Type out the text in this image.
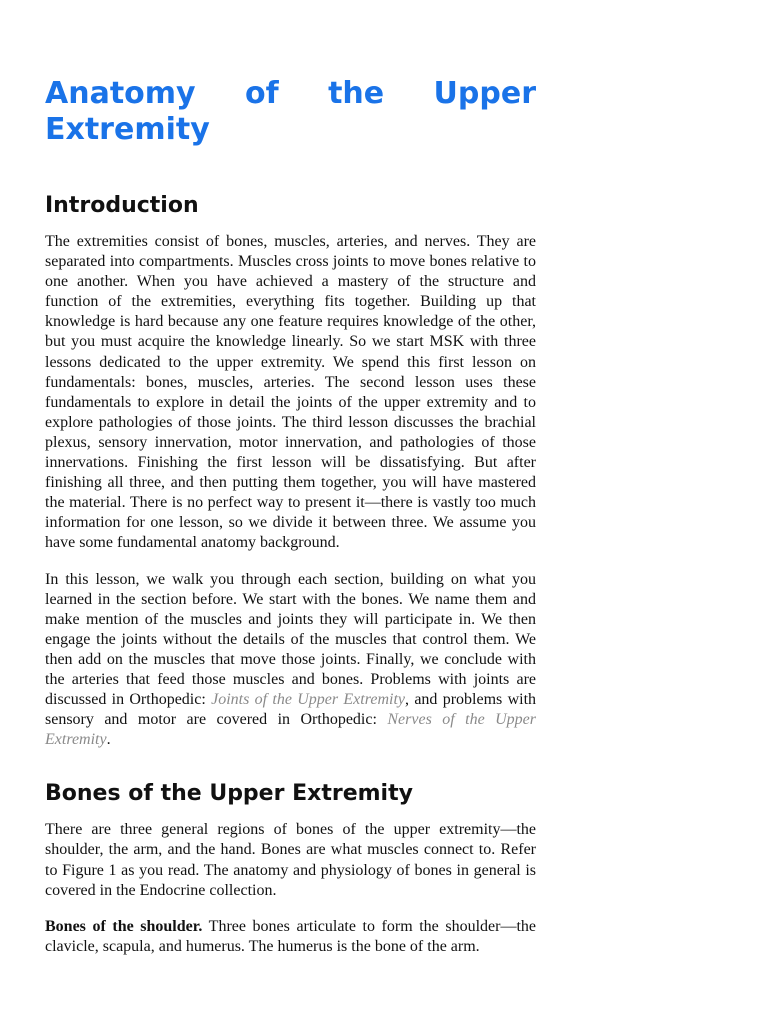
Anatomy of the Upper Extremity
Introduction

The extremities consist of bones, muscles, arteries, and nerves. They are separated into compartments. Muscles cross joints to move bones relative to one another. When you have achieved a mastery of the structure and function of the extremities, everything fits together. Building up that knowledge is hard because any one feature requires knowledge of the other, but you must acquire the knowledge linearly. So we start MSK with three lessons dedicated to the upper extremity. We spend this first lesson on fundamentals: bones, muscles, arteries. The second lesson uses these fundamentals to explore in detail the joints of the upper extremity and to explore pathologies of those joints. The third lesson discusses the brachial plexus, sensory innervation, motor innervation, and pathologies of those innervations. Finishing the first lesson will be dissatisfying. But after finishing all three, and then putting them together, you will have mastered the material. There is no perfect way to present it—there is vastly too much information for one lesson, so we divide it between three. We assume you have some fundamental anatomy background.

In this lesson, we walk you through each section, building on what you learned in the section before. We start with the bones. We name them and make mention of the muscles and joints they will participate in. We then engage the joints without the details of the muscles that control them. We then add on the muscles that move those joints. Finally, we conclude with the arteries that feed those muscles and bones. Problems with joints are discussed in Orthopedic: Joints of the Upper Extremity, and problems with sensory and motor are covered in Orthopedic: Nerves of the Upper Extremity.

Bones of the Upper Extremity

There are three general regions of bones of the upper extremity—the shoulder, the arm, and the hand. Bones are what muscles connect to. Refer to Figure 1 as you read. The anatomy and physiology of bones in general is covered in the Endocrine collection.

Bones of the shoulder. Three bones articulate to form the shoulder—the clavicle, scapula, and humerus. The humerus is the bone of the arm.
